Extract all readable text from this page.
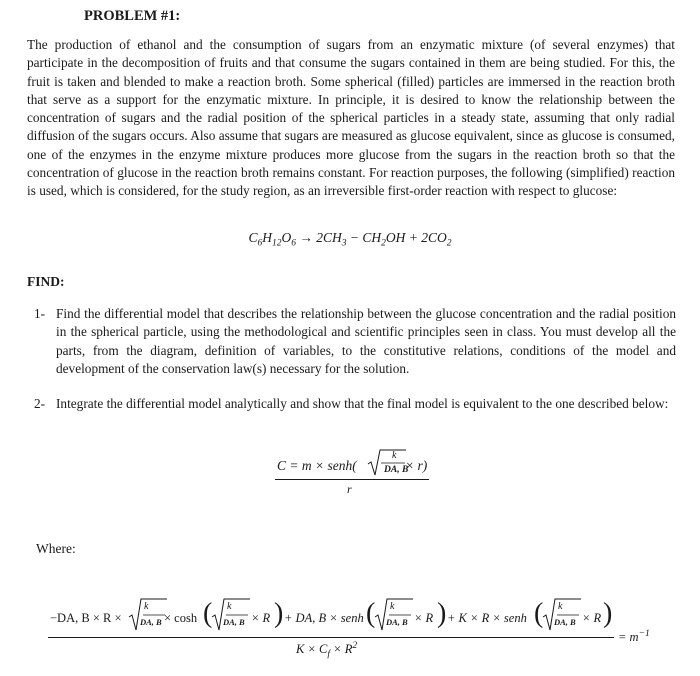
PROBLEM #1:
The production of ethanol and the consumption of sugars from an enzymatic mixture (of several enzymes) that participate in the decomposition of fruits and that consume the sugars contained in them are being studied. For this, the fruit is taken and blended to make a reaction broth. Some spherical (filled) particles are immersed in the reaction broth that serve as a support for the enzymatic mixture. In principle, it is desired to know the relationship between the concentration of sugars and the radial position of the spherical particles in a steady state, assuming that only radial diffusion of the sugars occurs. Also assume that sugars are measured as glucose equivalent, since as glucose is consumed, one of the enzymes in the enzyme mixture produces more glucose from the sugars in the reaction broth so that the concentration of glucose in the reaction broth remains constant. For reaction purposes, the following (simplified) reaction is used, which is considered, for the study region, as an irreversible first-order reaction with respect to glucose:
$C_6H_{12}O_6 \to 2CH_3 - CH_2OH + 2CO_2$
FIND:
1- Find the differential model that describes the relationship between the glucose concentration and the radial position in the spherical particle, using the methodological and scientific principles seen in class. You must develop all the parts, from the diagram, definition of variables, to the constitutive relations, conditions of the model and development of the conservation law(s) necessary for the solution.
2- Integrate the differential model analytically and show that the final model is equivalent to the one described below:
C = m × senh(
k
DA, B
× r)
r
Where:
−DA, B × R ×
k
DA, B × cosh ( k
DA, B × R ) + DA, B × senh ( k
DA, B × R ) + K × R × senh ( k
DA, B × R )
$K \times C_f \times R^2$
= $m^{-1}$
